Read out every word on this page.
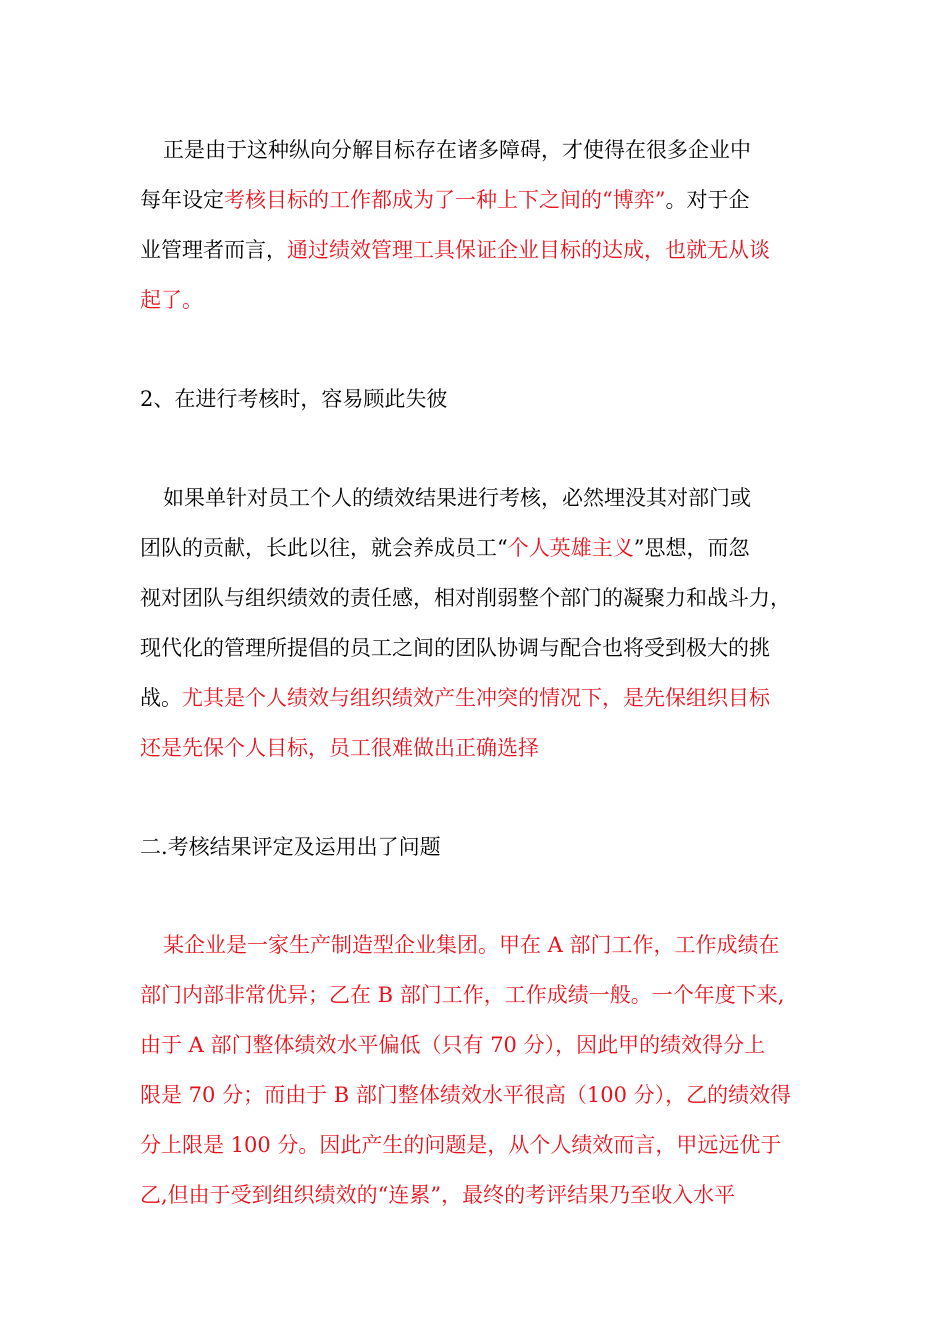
正是由于这种纵向分解目标存在诸多障碍，才使得在很多企业中
每年设定考核目标的工作都成为了一种上下之间的“博弈”。对于企
业管理者而言，通过绩效管理工具保证企业目标的达成，也就无从谈
起了。
2、在进行考核时，容易顾此失彼
如果单针对员工个人的绩效结果进行考核，必然埋没其对部门或
团队的贡献，长此以往，就会养成员工“个人英雄主义”思想，而忽
视对团队与组织绩效的责任感，相对削弱整个部门的凝聚力和战斗力，
现代化的管理所提倡的员工之间的团队协调与配合也将受到极大的挑
战。尤其是个人绩效与组织绩效产生冲突的情况下，是先保组织目标
还是先保个人目标，员工很难做出正确选择
二.考核结果评定及运用出了问题
某企业是一家生产制造型企业集团。甲在 A 部门工作，工作成绩在
部门内部非常优异；乙在 B 部门工作，工作成绩一般。一个年度下来,
由于 A 部门整体绩效水平偏低（只有 70 分），因此甲的绩效得分上
限是 70 分；而由于 B 部门整体绩效水平很高（100 分），乙的绩效得
分上限是 100 分。因此产生的问题是，从个人绩效而言，甲远远优于
乙,但由于受到组织绩效的“连累”，最终的考评结果乃至收入水平
